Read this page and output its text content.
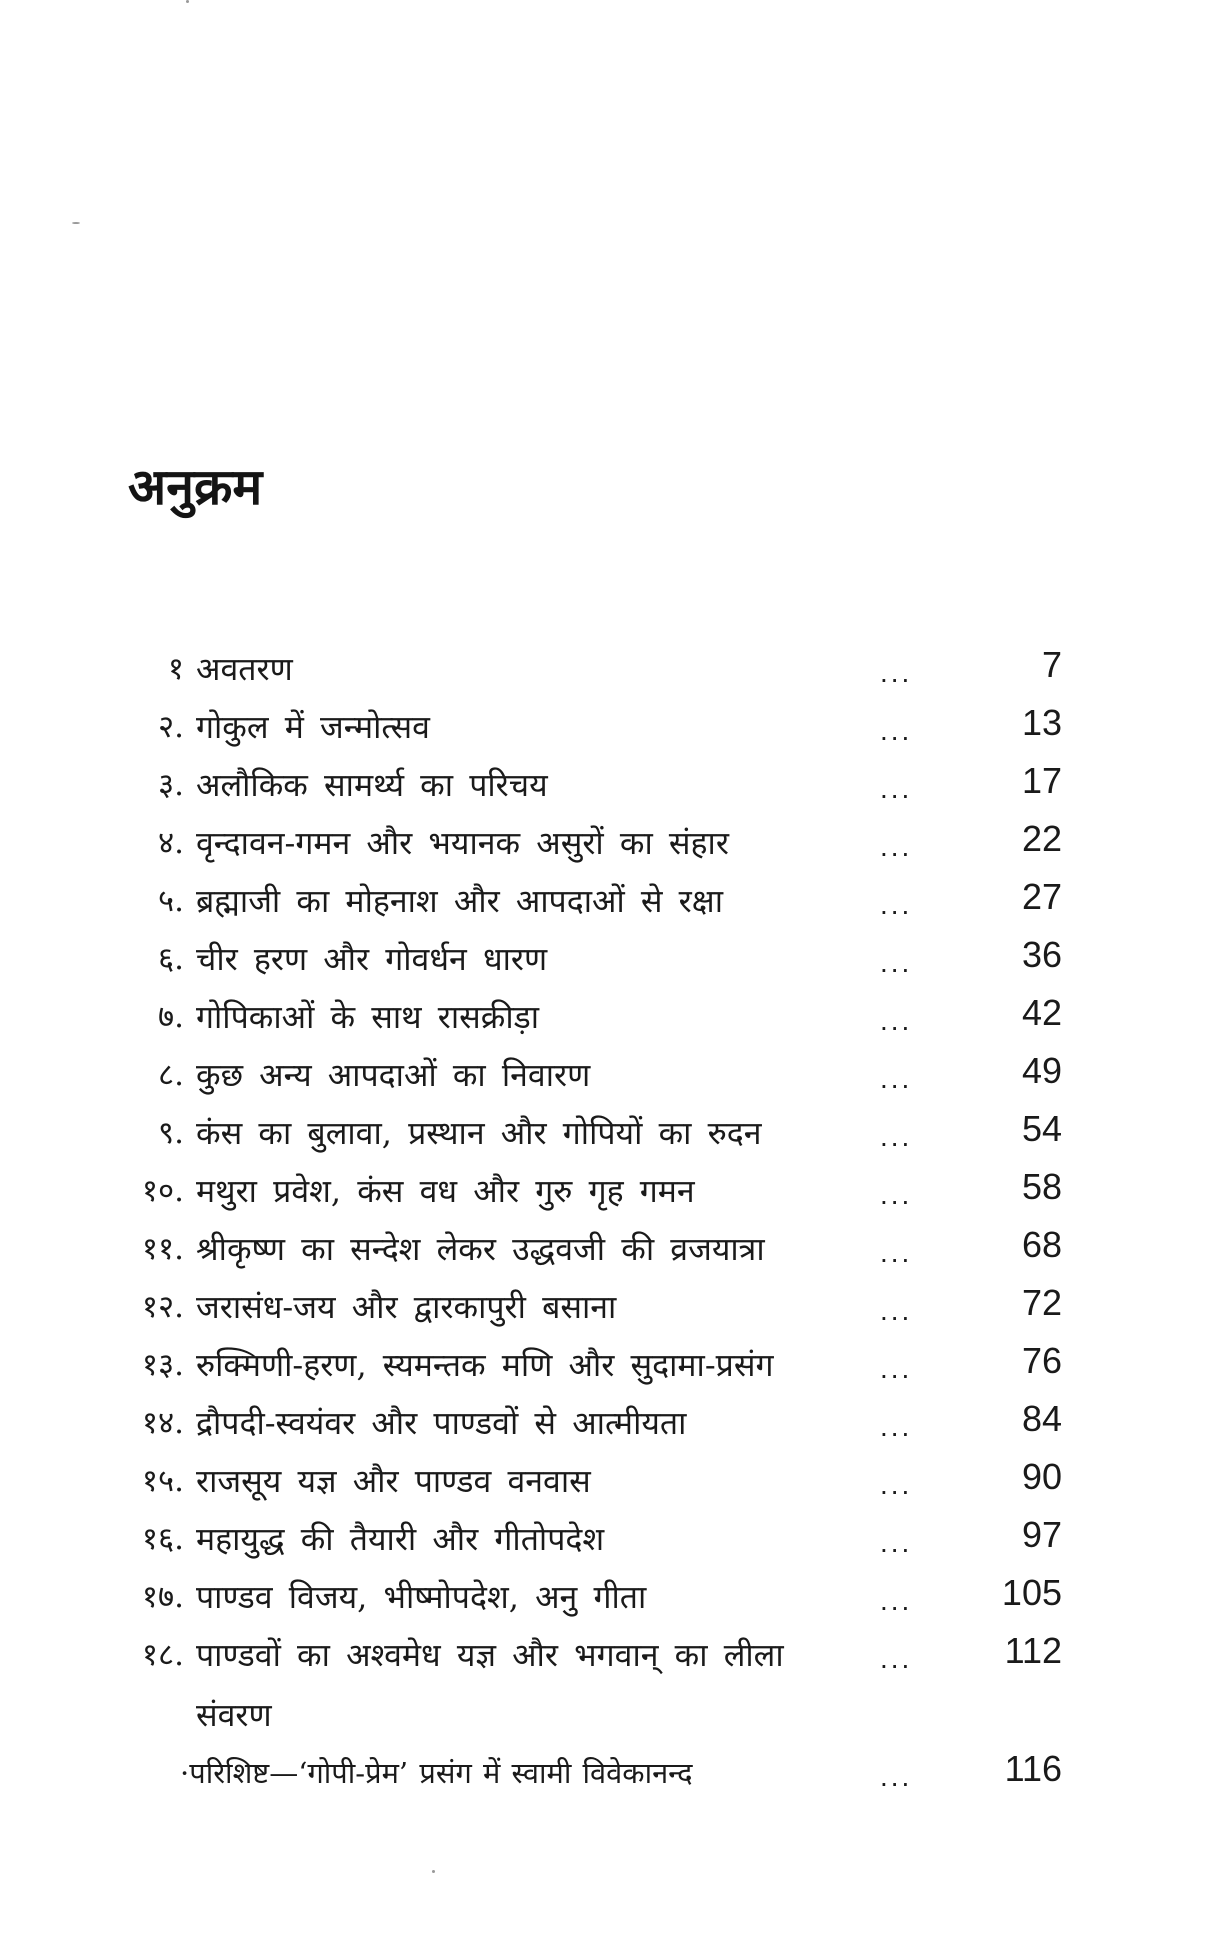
अनुक्रम
१ अवतरण	...	7
२. गोकुल में जन्मोत्सव	...	13
३. अलौकिक सामर्थ्य का परिचय	...	17
४. वृन्दावन-गमन और भयानक असुरों का संहार	...	22
५. ब्रह्माजी का मोहनाश और आपदाओं से रक्षा	...	27
६. चीर हरण और गोवर्धन धारण	...	36
७. गोपिकाओं के साथ रासक्रीड़ा	...	42
८. कुछ अन्य आपदाओं का निवारण	...	49
९. कंस का बुलावा, प्रस्थान और गोपियों का रुदन	...	54
१०. मथुरा प्रवेश, कंस वध और गुरु गृह गमन	...	58
११. श्रीकृष्ण का सन्देश लेकर उद्धवजी की व्रजयात्रा	...	68
१२. जरासंध-जय और द्वारकापुरी बसाना	...	72
१३. रुक्मिणी-हरण, स्यमन्तक मणि और सुदामा-प्रसंग	...	76
१४. द्रौपदी-स्वयंवर और पाण्डवों से आत्मीयता	...	84
१५. राजसूय यज्ञ और पाण्डव वनवास	...	90
१६. महायुद्ध की तैयारी और गीतोपदेश	...	97
१७. पाण्डव विजय, भीष्मोपदेश, अनु गीता	... 105
१८. पाण्डवों का अश्वमेध यज्ञ और भगवान् का लीला	...	112
संवरण
·परिशिष्ट—‘गोपी-प्रेम’ प्रसंग में स्वामी विवेकानन्द	...	116
